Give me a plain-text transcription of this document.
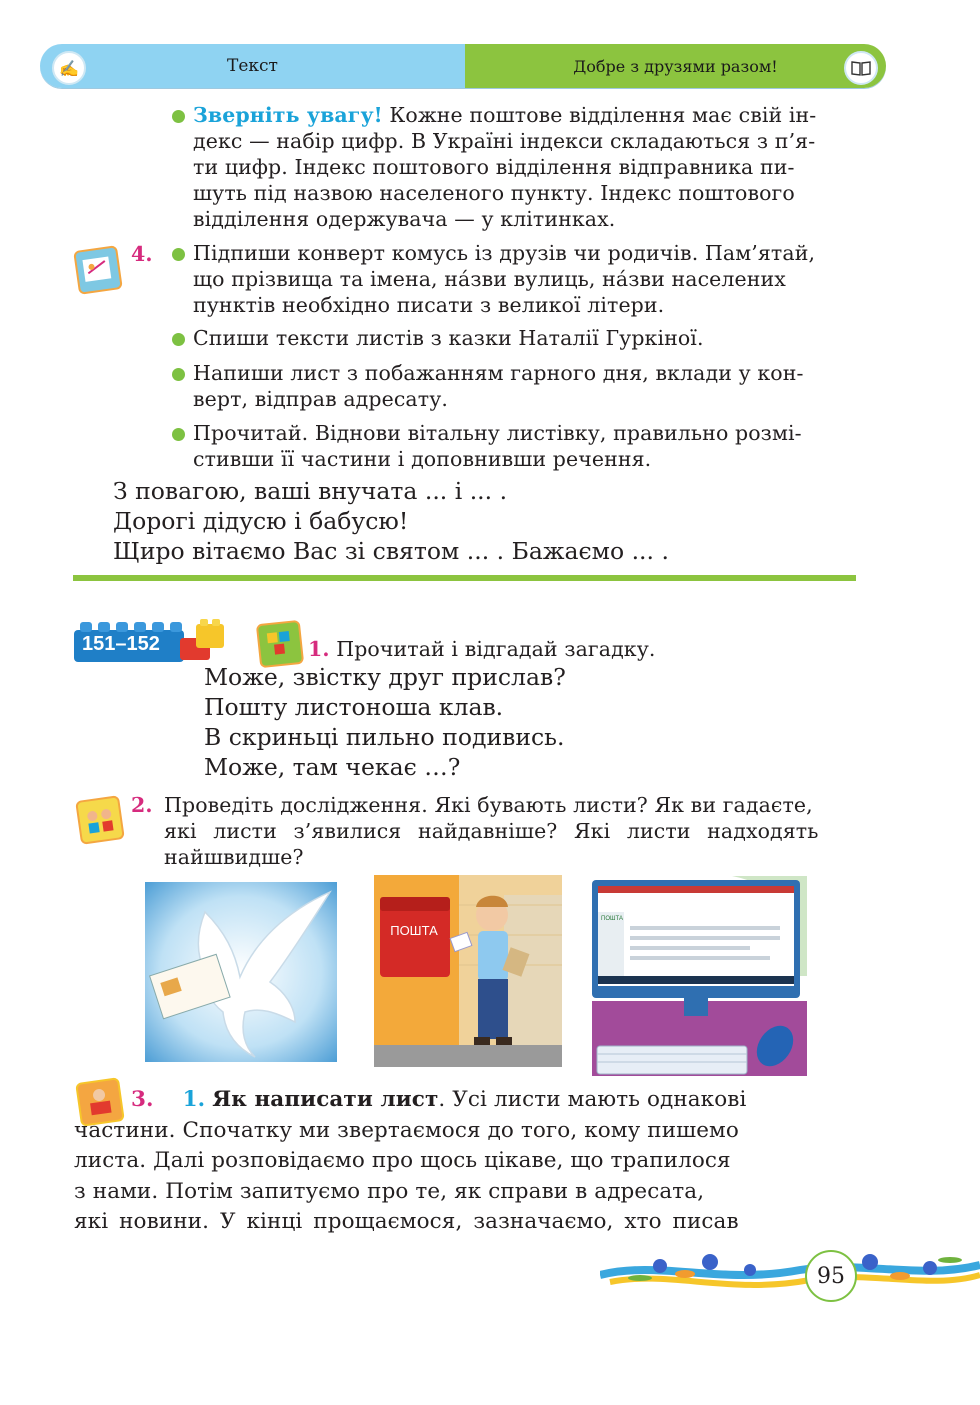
✍	Текст	Добре з друзями разом!
Зверніть увагу! Кожне поштове відділення має свій ін-
декс — набір цифр. В Україні індекси складаються з п’я-
ти цифр. Індекс поштового відділення відправника пи-
шуть під назвою населеного пункту. Індекс поштового
відділення одержувача — у клітинках.
4. Підпиши конверт комусь із друзів чи родичів. Пам’ятай,
що прізвища та імена, на́зви вулиць, на́зви населених
пунктів необхідно писати з великої літери.
Спиши тексти листів з казки Наталії Гуркіної.
Напиши лист з побажанням гарного дня, вклади у кон-
верт, відправ адресату.
Прочитай. Віднови вітальну листівку, правильно розмі-
стивши її частини і доповнивши речення.
З повагою, ваші внучата ... і ... .
Дорогі дідусю і бабусю!
Щиро вітаємо Вас зі святом ... . Бажаємо ... .
151–152	1. Прочитай і відгадай загадку.
Може, звістку друг прислав?
Пошту листоноша клав.
В скриньці пильно подивись.
Може, там чекає …?
2. Проведіть дослідження. Які бувають листи? Як ви гадаєте,
які листи з’явилися найдавніше? Які листи надходять
найшвидше?
ПОШТА
ПОШТА
3. 1. Як написати лист. Усі листи мають однакові
частини. Спочатку ми звертаємося до того, кому пишемо
листа. Далі розповідаємо про щось цікаве, що трапилося
з нами. Потім запитуємо про те, як справи в адресата,
які новини. У кінці прощаємося, зазначаємо, хто писав
95
